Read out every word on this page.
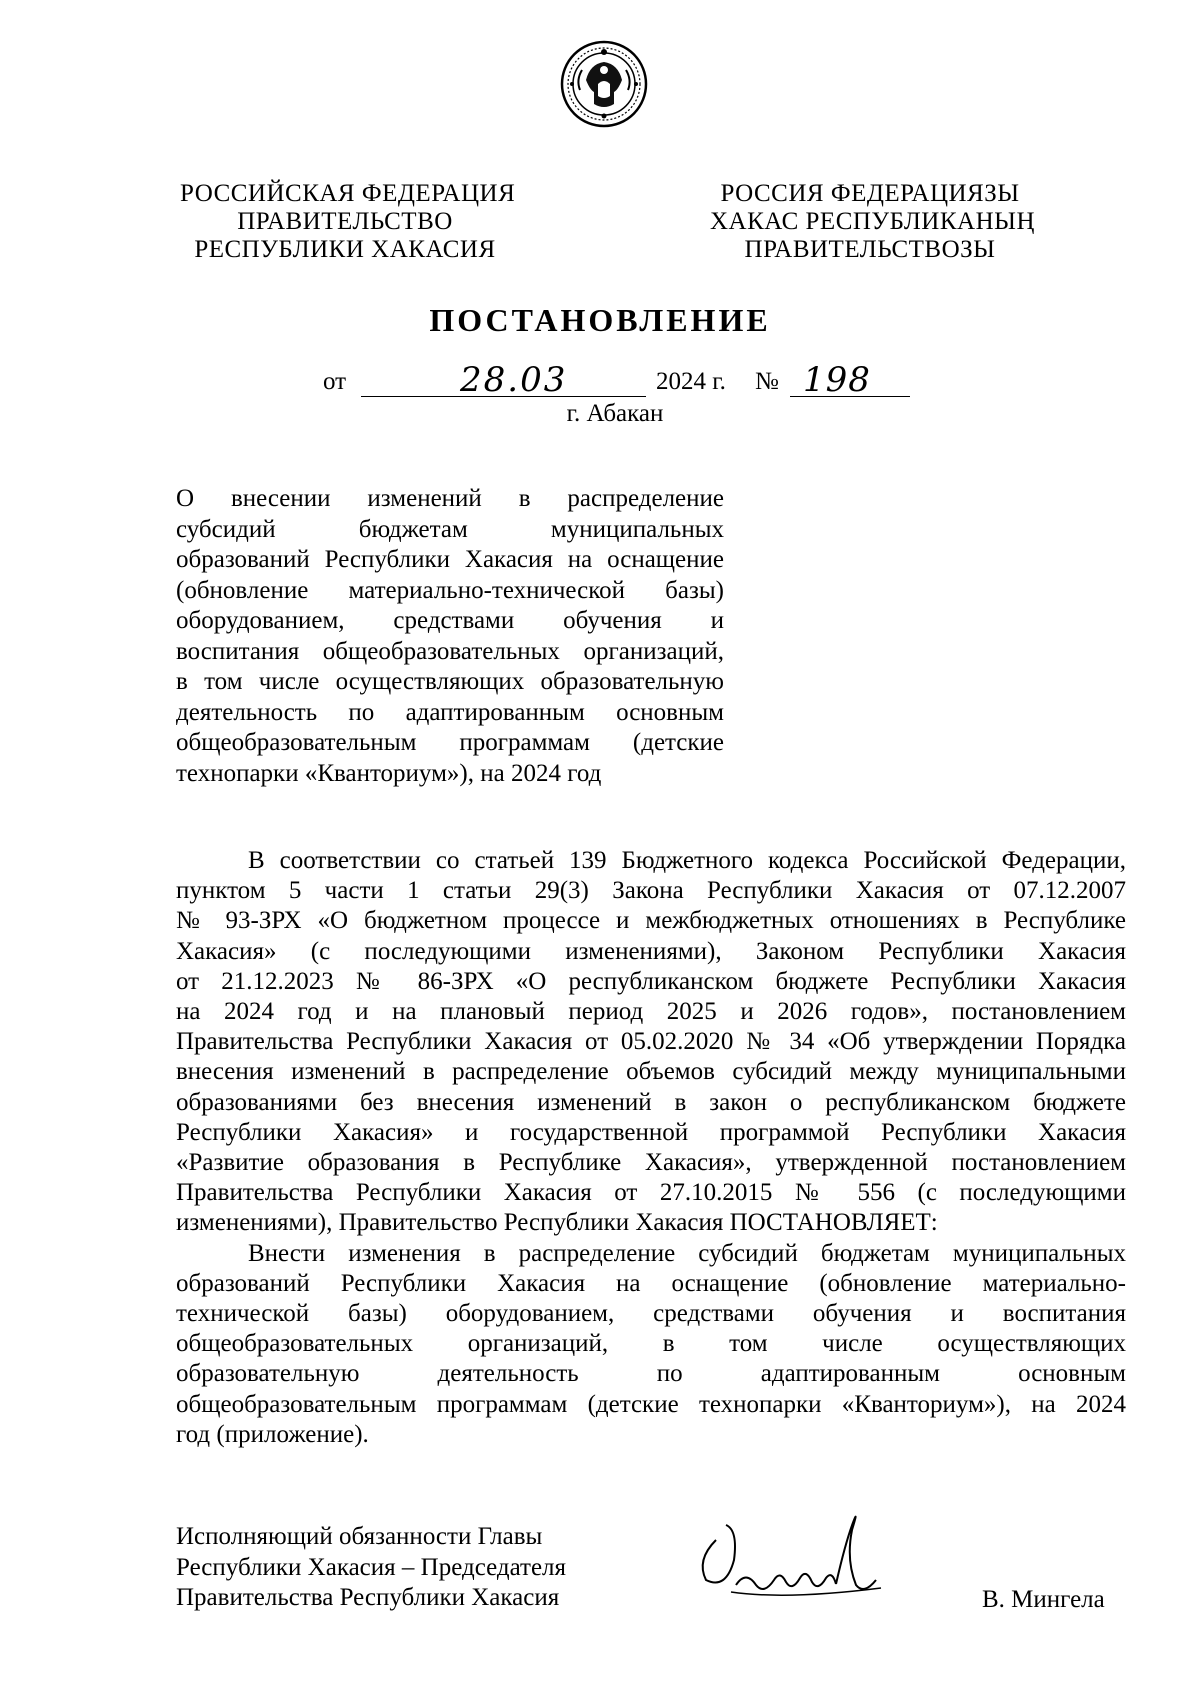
РОССИЙСКАЯ ФЕДЕРАЦИЯ
ПРАВИТЕЛЬСТВО
РЕСПУБЛИКИ ХАКАСИЯ
РОССИЯ ФЕДЕРАЦИЯЗЫ
ХАКАС РЕСПУБЛИКАНЫҢ
ПРАВИТЕЛЬСТВОЗЫ
ПОСТАНОВЛЕНИЕ
от	28.03	2024 г. № 198
г. Абакан
О внесении изменений в распределение
субсидий бюджетам муниципальных
образований Республики Хакасия на оснащение
(обновление материально-технической базы)
оборудованием, средствами обучения и
воспитания общеобразовательных организаций,
в том числе осуществляющих образовательную
деятельность по адаптированным основным
общеобразовательным программам (детские
технопарки «Кванториум»), на 2024 год
В соответствии со статьей 139 Бюджетного кодекса Российской Федерации,
пунктом 5 части 1 статьи 29(3) Закона Республики Хакасия от 07.12.2007
№ 93-ЗРХ «О бюджетном процессе и межбюджетных отношениях в Республике
Хакасия» (с последующими изменениями), Законом Республики Хакасия
от 21.12.2023 № 86-ЗРХ «О республиканском бюджете Республики Хакасия
на 2024 год и на плановый период 2025 и 2026 годов», постановлением
Правительства Республики Хакасия от 05.02.2020 № 34 «Об утверждении Порядка
внесения изменений в распределение объемов субсидий между муниципальными
образованиями без внесения изменений в закон о республиканском бюджете
Республики Хакасия» и государственной программой Республики Хакасия
«Развитие образования в Республике Хакасия», утвержденной постановлением
Правительства Республики Хакасия от 27.10.2015 № 556 (с последующими
изменениями), Правительство Республики Хакасия ПОСТАНОВЛЯЕТ:
Внести изменения в распределение субсидий бюджетам муниципальных
образований Республики Хакасия на оснащение (обновление материально-
технической базы) оборудованием, средствами обучения и воспитания
общеобразовательных организаций, в том числе осуществляющих
образовательную деятельность по адаптированным основным
общеобразовательным программам (детские технопарки «Кванториум»), на 2024
год (приложение).
Исполняющий обязанности Главы
Республики Хакасия – Председателя
Правительства Республики Хакасия	В. Мингела
